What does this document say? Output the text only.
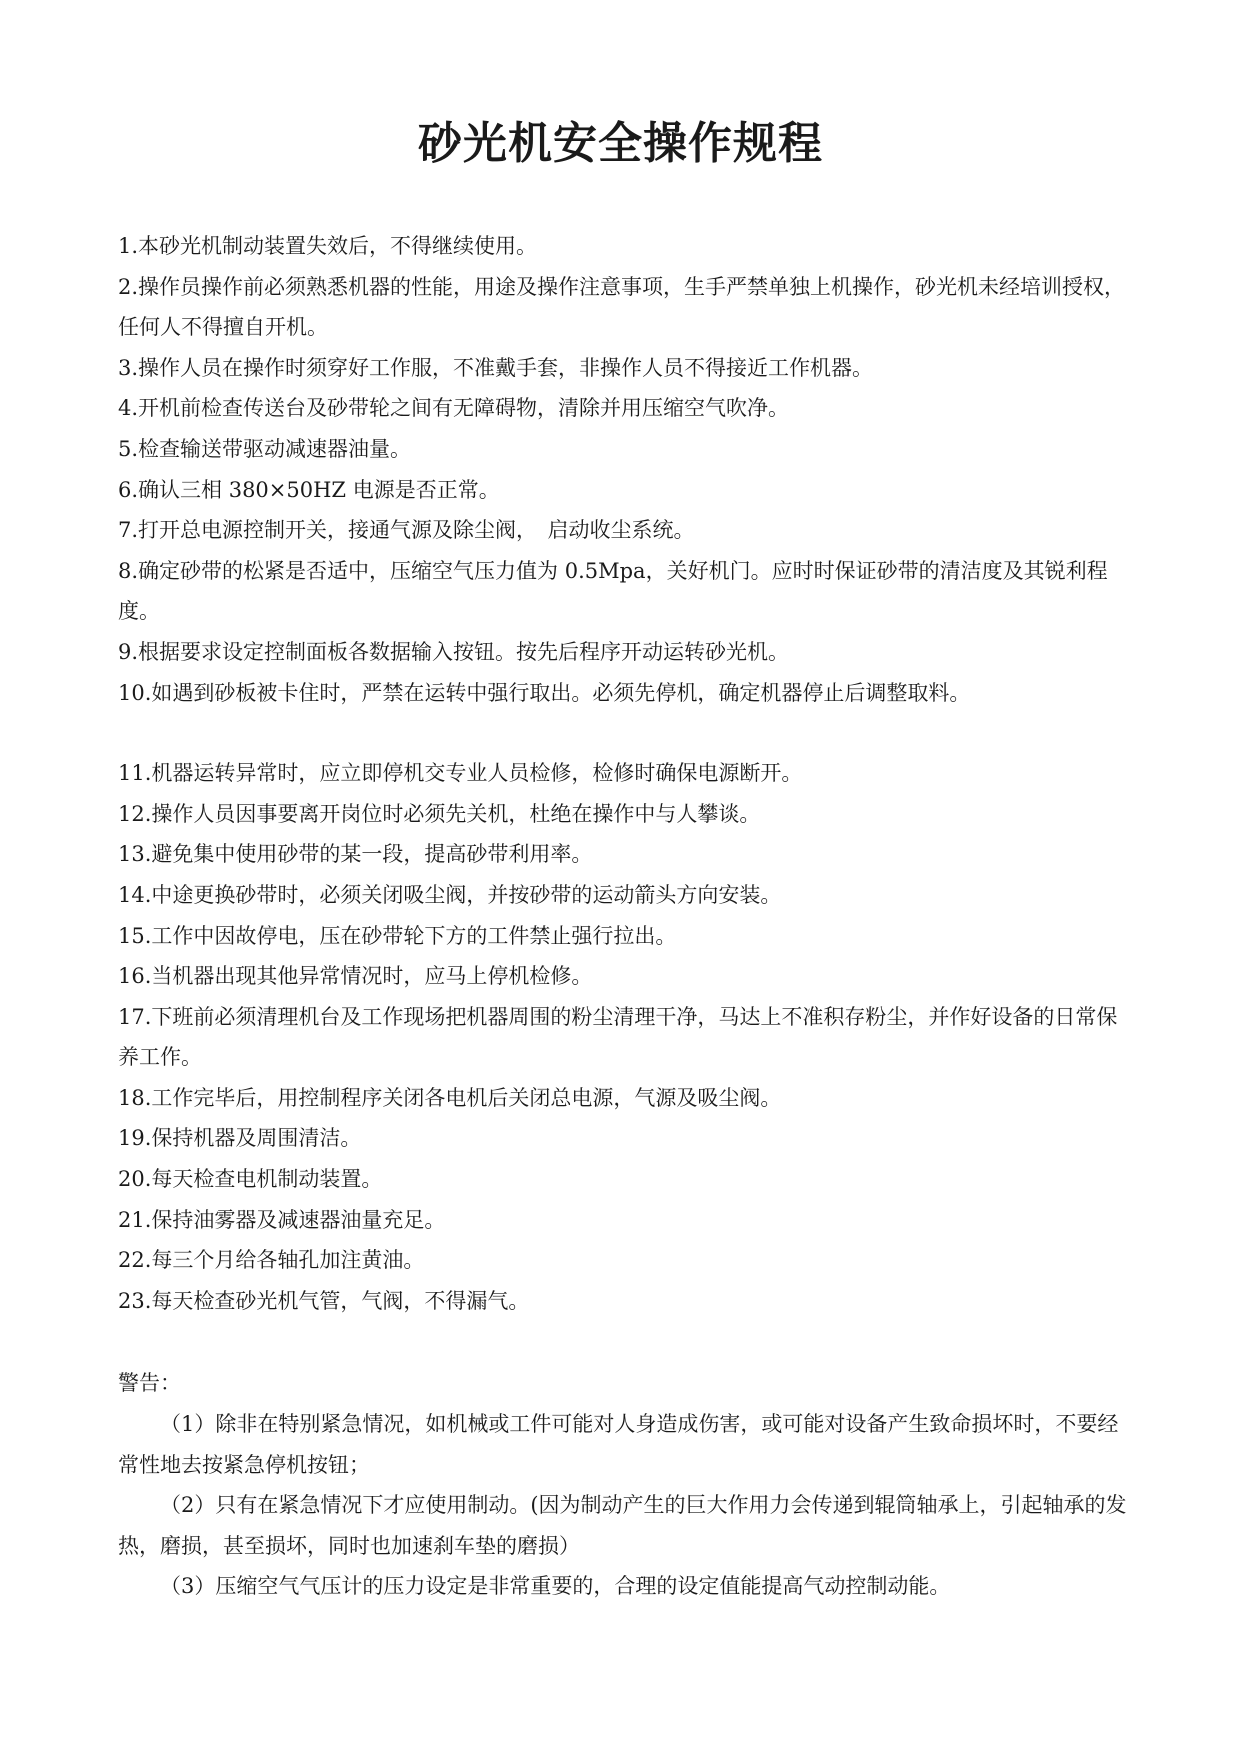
砂光机安全操作规程

1.本砂光机制动装置失效后，不得继续使用。

2.操作员操作前必须熟悉机器的性能，用途及操作注意事项，生手严禁单独上机操作，砂光机未经培训授权，任何人不得擅自开机。

3.操作人员在操作时须穿好工作服，不准戴手套，非操作人员不得接近工作机器。

4.开机前检查传送台及砂带轮之间有无障碍物，清除并用压缩空气吹净。

5.检查输送带驱动减速器油量。

6.确认三相 380×50HZ 电源是否正常。

7.打开总电源控制开关，接通气源及除尘阀，　启动收尘系统。

8.确定砂带的松紧是否适中，压缩空气压力值为 0.5Mpa，关好机门。应时时保证砂带的清洁度及其锐利程度。

9.根据要求设定控制面板各数据输入按钮。按先后程序开动运转砂光机。

10.如遇到砂板被卡住时，严禁在运转中强行取出。必须先停机，确定机器停止后调整取料。

11.机器运转异常时，应立即停机交专业人员检修，检修时确保电源断开。

12.操作人员因事要离开岗位时必须先关机，杜绝在操作中与人攀谈。

13.避免集中使用砂带的某一段，提高砂带利用率。

14.中途更换砂带时，必须关闭吸尘阀，并按砂带的运动箭头方向安装。

15.工作中因故停电，压在砂带轮下方的工件禁止强行拉出。

16.当机器出现其他异常情况时，应马上停机检修。

17.下班前必须清理机台及工作现场把机器周围的粉尘清理干净，马达上不准积存粉尘，并作好设备的日常保养工作。

18.工作完毕后，用控制程序关闭各电机后关闭总电源，气源及吸尘阀。

19.保持机器及周围清洁。

20.每天检查电机制动装置。

21.保持油雾器及减速器油量充足。

22.每三个月给各轴孔加注黄油。

23.每天检查砂光机气管，气阀，不得漏气。

警告：

（1）除非在特别紧急情况，如机械或工件可能对人身造成伤害，或可能对设备产生致命损坏时，不要经常性地去按紧急停机按钮；

（2）只有在紧急情况下才应使用制动。(因为制动产生的巨大作用力会传递到辊筒轴承上，引起轴承的发热，磨损，甚至损坏，同时也加速刹车垫的磨损）

（3）压缩空气气压计的压力设定是非常重要的，合理的设定值能提高气动控制动能。
